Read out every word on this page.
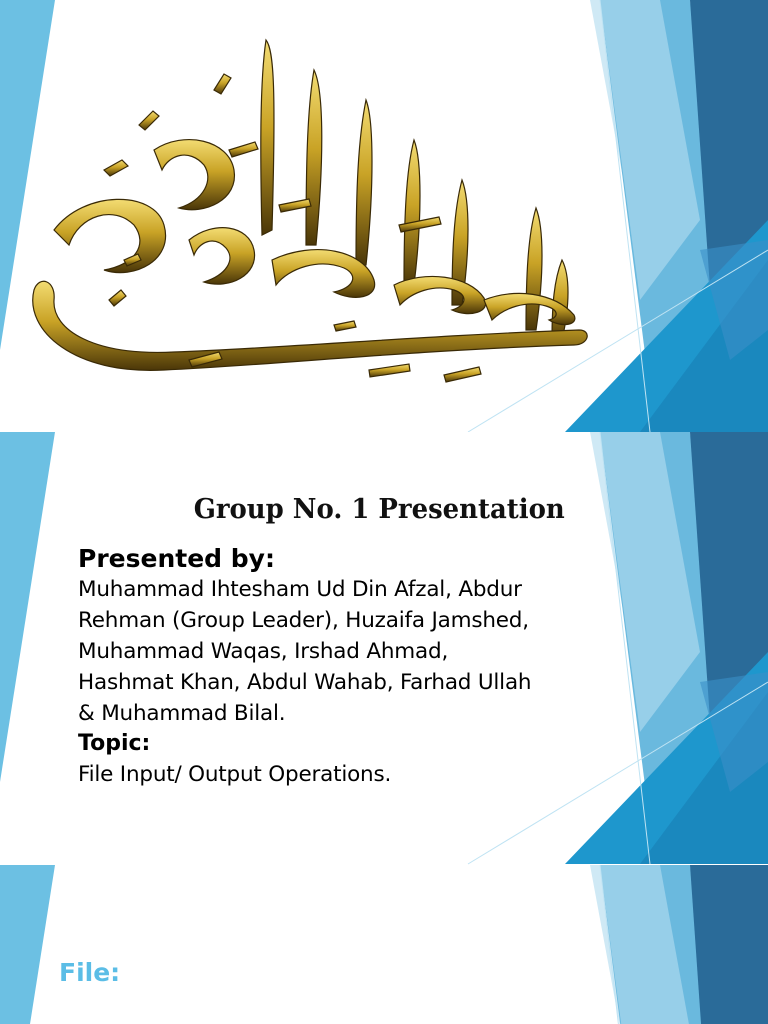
Group No. 1 Presentation
Presented by:
Muhammad Ihtesham Ud Din Afzal, Abdur
Rehman (Group Leader), Huzaifa Jamshed,
Muhammad Waqas, Irshad Ahmad,
Hashmat Khan, Abdul Wahab, Farhad Ullah
& Muhammad Bilal.
Topic:
File Input/ Output Operations.
File:
